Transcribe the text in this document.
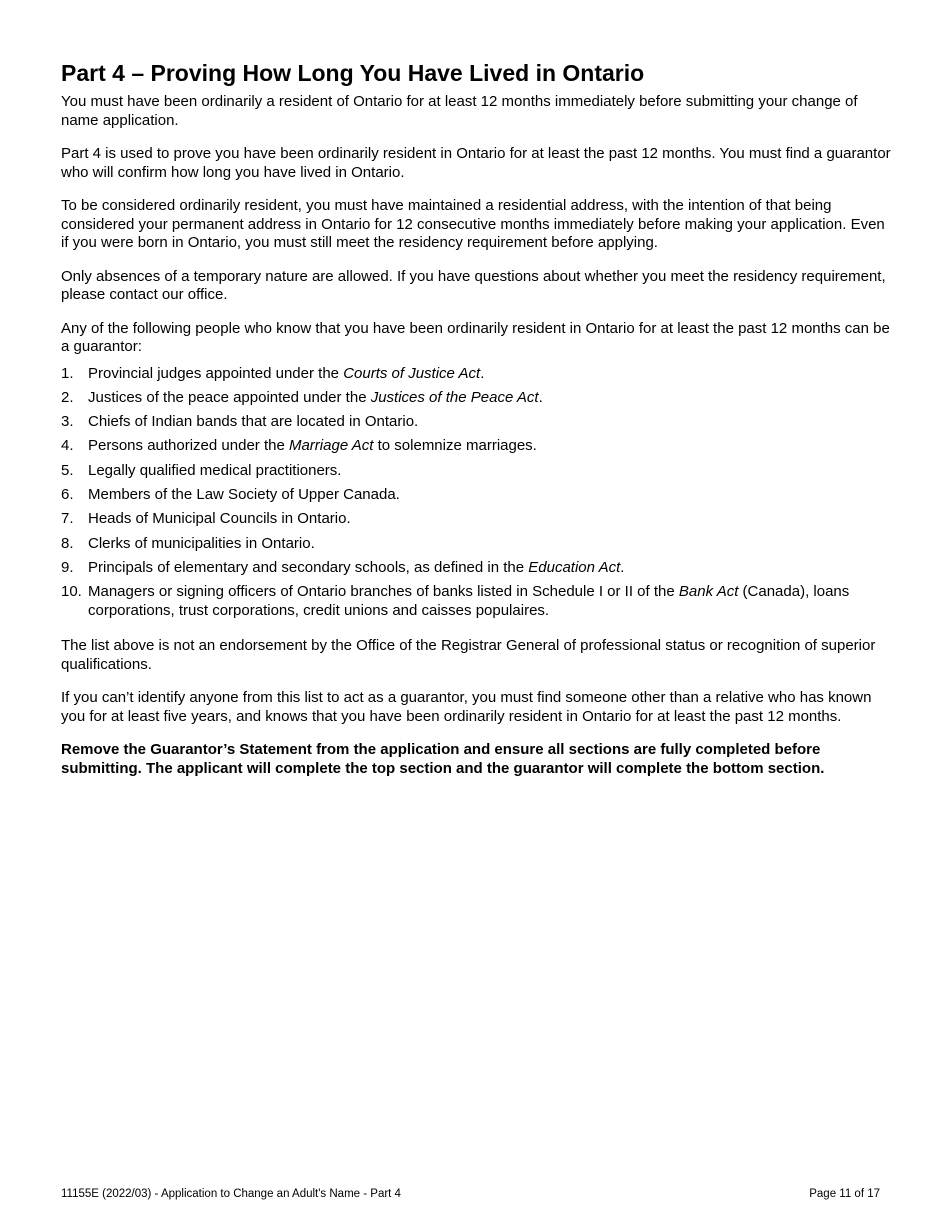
Part 4 – Proving How Long You Have Lived in Ontario

You must have been ordinarily a resident of Ontario for at least 12 months immediately before submitting your change of name application.

Part 4 is used to prove you have been ordinarily resident in Ontario for at least the past 12 months. You must find a guarantor who will confirm how long you have lived in Ontario.

To be considered ordinarily resident, you must have maintained a residential address, with the intention of that being considered your permanent address in Ontario for 12 consecutive months immediately before making your application. Even if you were born in Ontario, you must still meet the residency requirement before applying.

Only absences of a temporary nature are allowed. If you have questions about whether you meet the residency requirement, please contact our office.

Any of the following people who know that you have been ordinarily resident in Ontario for at least the past 12 months can be a guarantor:

1. Provincial judges appointed under the Courts of Justice Act.
2. Justices of the peace appointed under the Justices of the Peace Act.
3. Chiefs of Indian bands that are located in Ontario.
4. Persons authorized under the Marriage Act to solemnize marriages.
5. Legally qualified medical practitioners.
6. Members of the Law Society of Upper Canada.
7. Heads of Municipal Councils in Ontario.
8. Clerks of municipalities in Ontario.
9. Principals of elementary and secondary schools, as defined in the Education Act.
10. Managers or signing officers of Ontario branches of banks listed in Schedule I or II of the Bank Act (Canada), loans corporations, trust corporations, credit unions and caisses populaires.

The list above is not an endorsement by the Office of the Registrar General of professional status or recognition of superior qualifications.

If you can’t identify anyone from this list to act as a guarantor, you must find someone other than a relative who has known you for at least five years, and knows that you have been ordinarily resident in Ontario for at least the past 12 months.

Remove the Guarantor’s Statement from the application and ensure all sections are fully completed before submitting. The applicant will complete the top section and the guarantor will complete the bottom section.

11155E (2022/03) - Application to Change an Adult's Name - Part 4	Page 11 of 17
